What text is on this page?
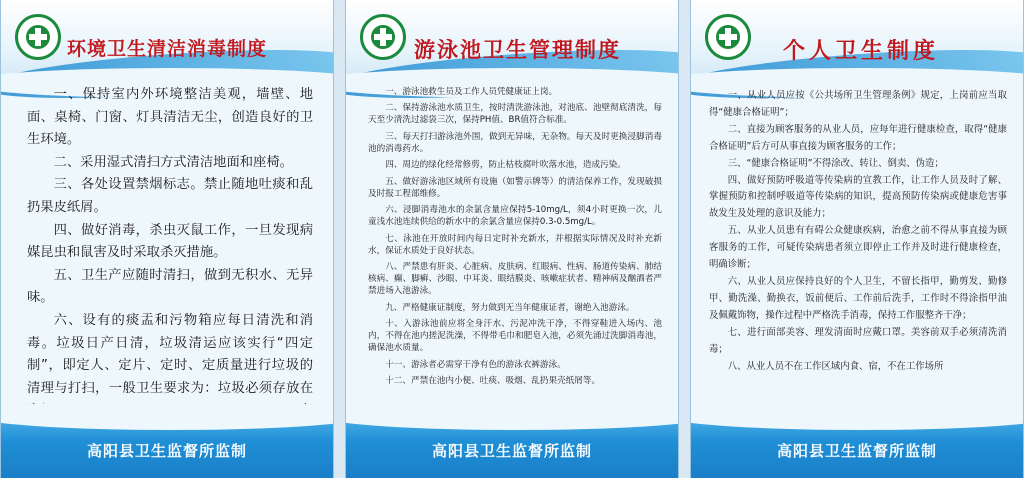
环境卫生清洁消毒制度

一、保持室内外环境整洁美观，墙壁、地面、桌椅、门窗、灯具清洁无尘，创造良好的卫生环境。

二、采用湿式清扫方式清洁地面和座椅。

三、各处设置禁烟标志。禁止随地吐痰和乱扔果皮纸屑。

四、做好消毒，杀虫灭鼠工作，一旦发现病媒昆虫和鼠害及时采取杀灭措施。

五、卫生产应随时清扫，做到无积水、无异味。

六、设有的痰盂和污物箱应每日清洗和消毒。垃圾日产日清，垃圾清运应该实行“四定制”，即定人、定片、定时、定质量进行垃圾的清理与打扫，一般卫生要求为：垃圾必须存放在

高阳县卫生监督所监制
游泳池卫生管理制度

一、游泳池救生员及工作人员凭健康证上岗。

二、保持游泳池水质卫生，按时清洗游泳池，对池底、池壁彻底清洗，每天至少清洗过滤袋三次，保持PH值、BR值符合标准。

三、每天打扫游泳池外围，做到无异味，无杂物。每天及时更换浸脚消毒池的消毒药水。

四、周边的绿化经常修剪，防止枯枝腐叶吹落水池，造成污染。

五、做好游泳池区域所有设施（如警示牌等）的清洁保养工作，发现破损及时报工程部维修。

六、浸脚消毒池水的余氯含量应保持5-10mg/L，须4小时更换一次，儿童浅水池连续供给的新水中的余氯含量应保持0.3-0.5mg/L。

七、泳池在开放时间内每日定时补充新水，并根据实际情况及时补充新水，保证水质处于良好状态。

八、严禁患有肝炎、心脏病、皮肤病、红眼病、性病、肠道传染病、肺结核病、癫、脚癣、沙眼、中耳炎、眼结膜炎、咳嗽症状者、精神病及酗酒者严禁进场入池游泳。

九、严格健康证制度，努力做到无当年健康证者，谢绝入池游泳。

十、入游泳池前应将全身汗水、污泥冲洗干净，不得穿鞋进入场内、池内，不得在池内搓泥洗澡，不得带毛巾和肥皂入池，必须先涌过洗脚消毒池，确保池水质量。

十一、游泳者必需穿干净有色的游泳衣裤游泳。

十二、严禁在池内小便、吐痰、吸烟、乱扔果壳纸屑等。

高阳县卫生监督所监制
个人卫生制度

一、从业人员应按《公共场所卫生管理条例》规定，上岗前应当取得“健康合格证明”；

二、直接为顾客服务的从业人员，应每年进行健康检查，取得“健康合格证明”后方可从事直接为顾客服务的工作；

三、“健康合格证明”不得涂改、转让、倒卖、伪造；

四、做好预防呼吸道等传染病的宣教工作，让工作人员及时了解、掌握预防和控制呼吸道等传染病的知识，提高预防传染病或健康危害事故发生及处理的意识及能力；

五、从业人员患有有碍公众健康疾病，治愈之前不得从事直接为顾客服务的工作，可疑传染病患者须立即停止工作并及时进行健康检查，明确诊断；

六、从业人员应保持良好的个人卫生，不留长指甲，勤剪发、勤修甲、勤洗澡、勤换衣，饭前便后、工作前后洗手，工作时不得涂指甲油及佩戴饰物，操作过程中严格洗手消毒，保持工作服整齐干净；

七、进行面部美容、理发清面时应戴口罩。美容前双手必须清洗消毒；

八、从业人员不在工作区域内食、宿，不在工作场所

高阳县卫生监督所监制
